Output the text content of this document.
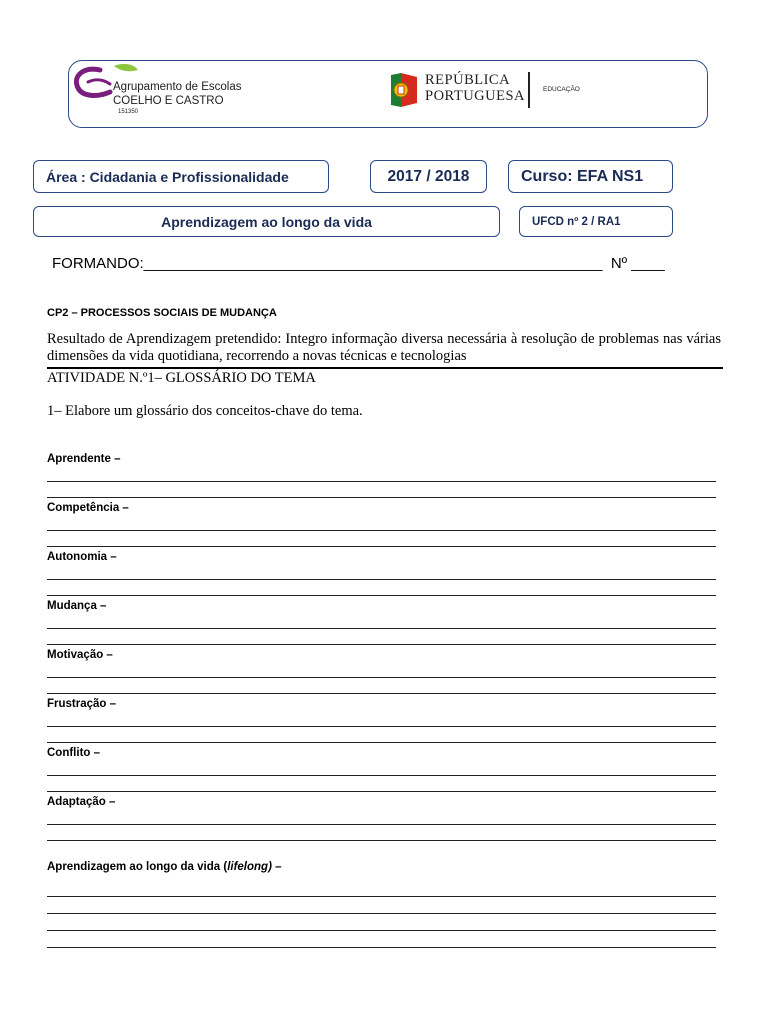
Agrupamento de Escolas
COELHO E CASTRO
151350
REPÚBLICA
PORTUGUESA	EDUCAÇÃO
Área : Cidadania e Profissionalidade	2017 / 2018	Curso: EFA NS1
Aprendizagem ao longo da vida	UFCD nº 2 / RA1
FORMANDO:_______________________________________________________  Nº ____
CP2 – PROCESSOS SOCIAIS DE MUDANÇA
Resultado de Aprendizagem pretendido: Integro informação diversa necessária à resolução de problemas nas várias dimensões da vida quotidiana, recorrendo a novas técnicas e tecnologias
ATIVIDADE N.º1– GLOSSÁRIO DO TEMA
1– Elabore um glossário dos conceitos-chave do tema.
Aprendente –
Competência –
Autonomia –
Mudança –
Motivação –
Frustração –
Conflito –
Adaptação –
Aprendizagem ao longo da vida (lifelong) –
